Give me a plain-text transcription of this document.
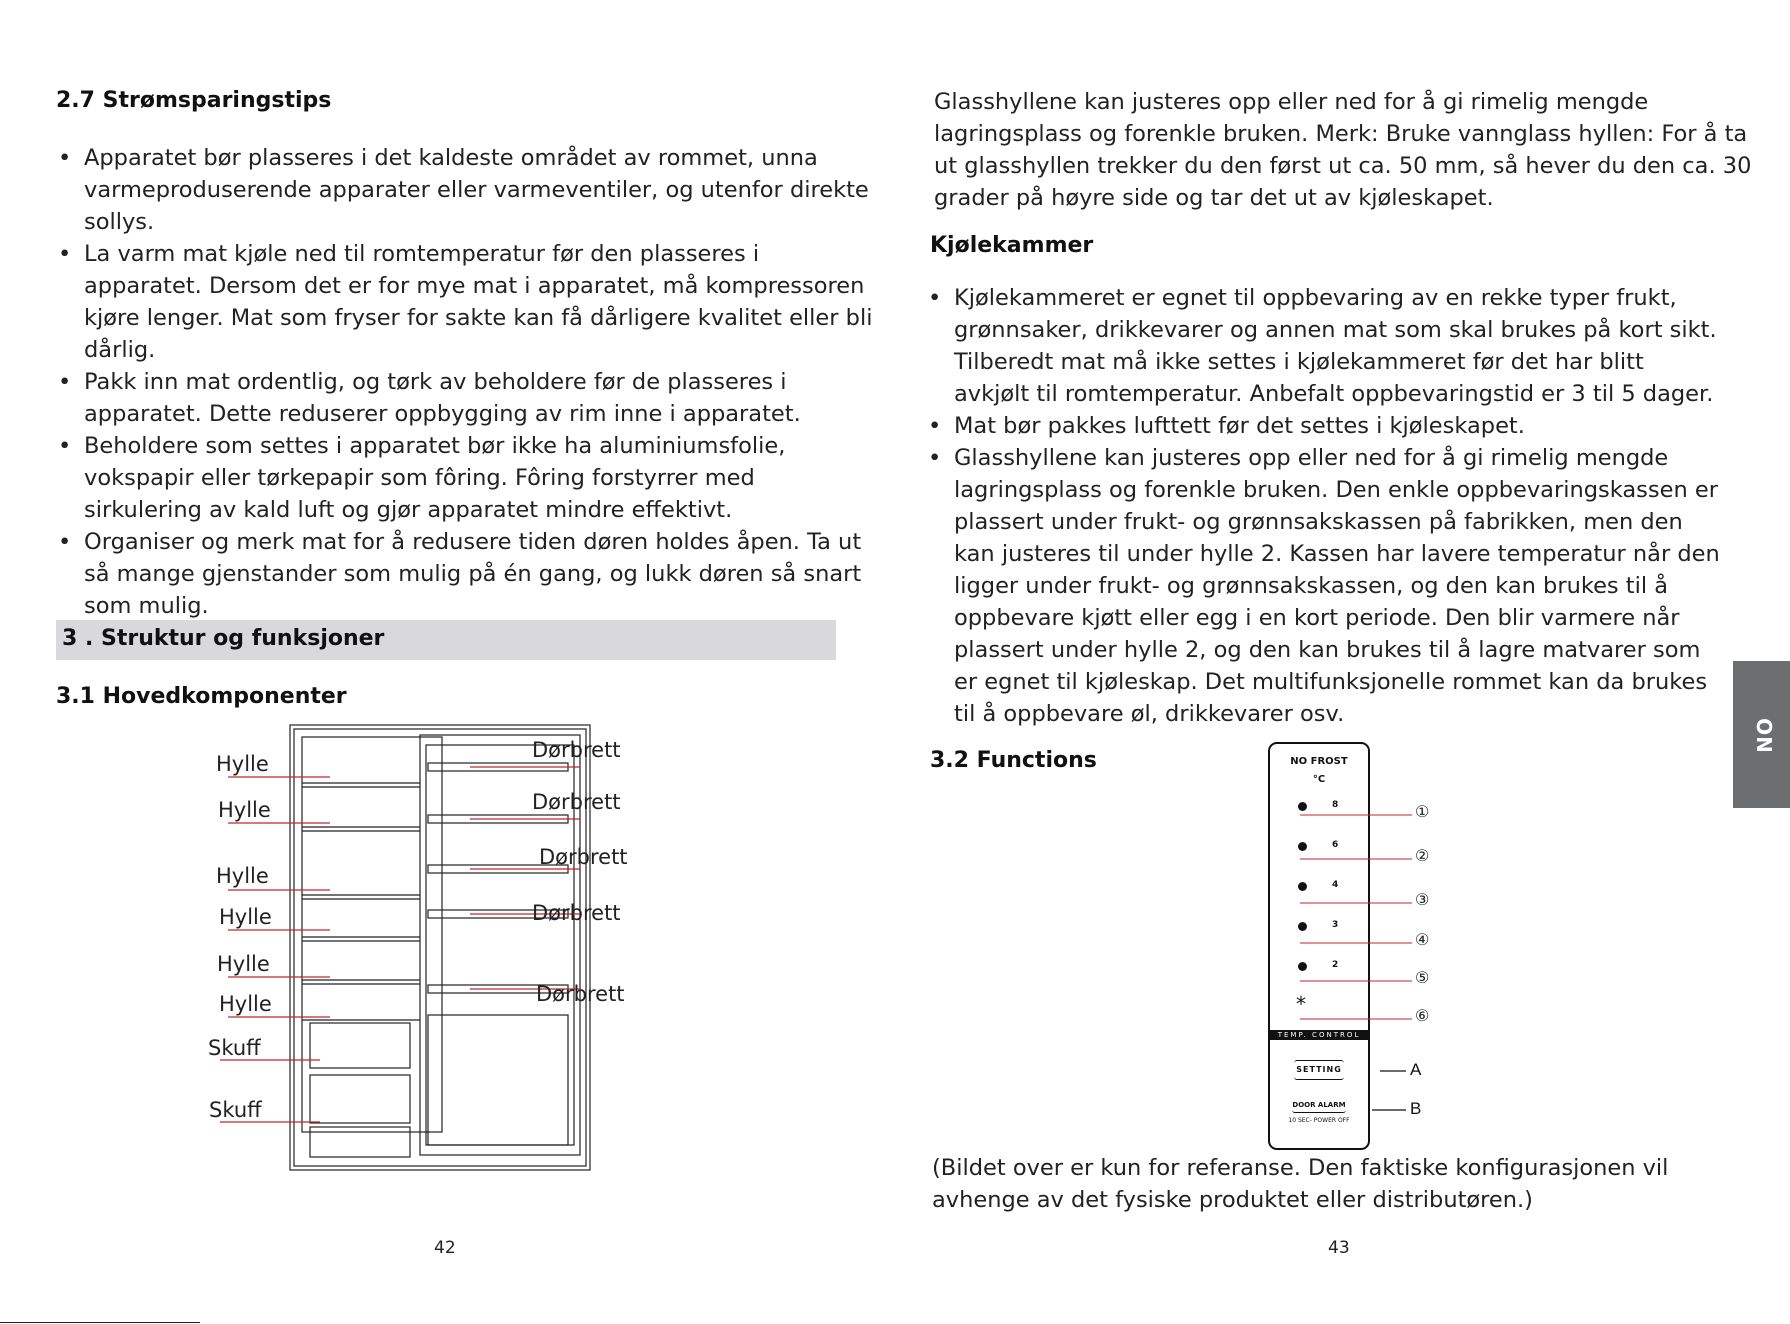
2.7 Strømsparingstips
• Apparatet bør plasseres i det kaldeste området av rommet, unna varmeproduserende apparater eller varmeventiler, og utenfor direkte sollys.
• La varm mat kjøle ned til romtemperatur før den plasseres i apparatet. Dersom det er for mye mat i apparatet, må kompressoren kjøre lenger. Mat som fryser for sakte kan få dårligere kvalitet eller bli dårlig.
• Pakk inn mat ordentlig, og tørk av beholdere før de plasseres i apparatet. Dette reduserer oppbygging av rim inne i apparatet.
• Beholdere som settes i apparatet bør ikke ha aluminiumsfolie, vokspapir eller tørkepapir som fôring. Fôring forstyrrer med sirkulering av kald luft og gjør apparatet mindre effektivt.
• Organiser og merk mat for å redusere tiden døren holdes åpen. Ta ut så mange gjenstander som mulig på én gang, og lukk døren så snart som mulig.
3 . Struktur og funksjoner
3.1 Hovedkomponenter
Hylle
Hylle
Hylle
Hylle
Hylle
Hylle
Skuff
Skuff
Dørbrett
Dørbrett
Dørbrett
Dørbrett
Dørbrett
42
Glasshyllene kan justeres opp eller ned for å gi rimelig mengde lagringsplass og forenkle bruken. Merk: Bruke vannglass hyllen: For å ta ut glasshyllen trekker du den først ut ca. 50 mm, så hever du den ca. 30 grader på høyre side og tar det ut av kjøleskapet.
Kjølekammer
• Kjølekammeret er egnet til oppbevaring av en rekke typer frukt, grønnsaker, drikkevarer og annen mat som skal brukes på kort sikt. Tilberedt mat må ikke settes i kjølekammeret før det har blitt avkjølt til romtemperatur. Anbefalt oppbevaringstid er 3 til 5 dager.
• Mat bør pakkes lufttett før det settes i kjøleskapet.
• Glasshyllene kan justeres opp eller ned for å gi rimelig mengde lagringsplass og forenkle bruken. Den enkle oppbevaringskassen er plassert under frukt- og grønnsakskassen på fabrikken, men den kan justeres til under hylle 2. Kassen har lavere temperatur når den ligger under frukt- og grønnsakskassen, og den kan brukes til å oppbevare kjøtt eller egg i en kort periode. Den blir varmere når plassert under hylle 2, og den kan brukes til å lagre matvarer som er egnet til kjøleskap. Det multifunksjonelle rommet kan da brukes til å oppbevare øl, drikkevarer osv.
3.2 Functions	NO FROST
°C
8
6
4
3
2
*
TEMP. CONTROL
SETTING
DOOR ALARM
10 SEC- POWER OFF
①
②
③
④
⑤
⑥
A
B
(Bildet over er kun for referanse. Den faktiske konfigurasjonen vil avhenge av det fysiske produktet eller distributøren.)
43
NO
